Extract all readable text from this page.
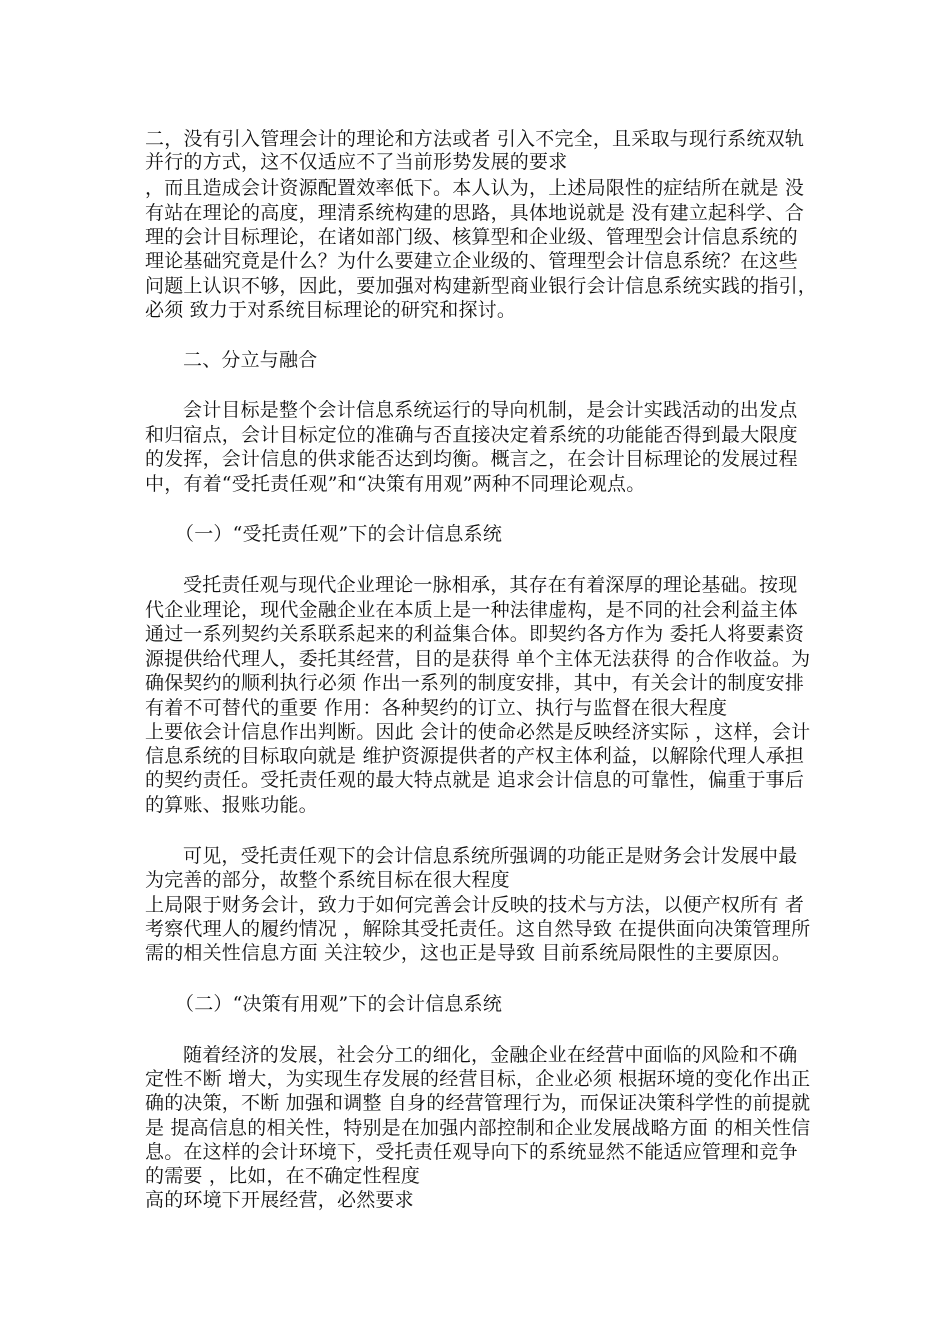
二，没有引入管理会计的理论和方法或者 引入不完全，且采取与现行系统双轨
并行的方式，这不仅适应不了当前形势发展的要求
，而且造成会计资源配置效率低下。本人认为，上述局限性的症结所在就是 没
有站在理论的高度，理清系统构建的思路，具体地说就是 没有建立起科学、合
理的会计目标理论，在诸如部门级、核算型和企业级、管理型会计信息系统的
理论基础究竟是什么？为什么要建立企业级的、管理型会计信息系统？在这些
问题上认识不够，因此，要加强对构建新型商业银行会计信息系统实践的指引，
必须 致力于对系统目标理论的研究和探讨。
二、分立与融合
会计目标是整个会计信息系统运行的导向机制，是会计实践活动的出发点
和归宿点，会计目标定位的准确与否直接决定着系统的功能能否得到最大限度
的发挥，会计信息的供求能否达到均衡。概言之，在会计目标理论的发展过程
中，有着“受托责任观”和“决策有用观”两种不同理论观点。
（一）“受托责任观”下的会计信息系统
受托责任观与现代企业理论一脉相承，其存在有着深厚的理论基础。按现
代企业理论，现代金融企业在本质上是一种法律虚构，是不同的社会利益主体
通过一系列契约关系联系起来的利益集合体。即契约各方作为 委托人将要素资
源提供给代理人，委托其经营，目的是获得 单个主体无法获得 的合作收益。为
确保契约的顺利执行必须 作出一系列的制度安排，其中，有关会计的制度安排
有着不可替代的重要 作用：各种契约的订立、执行与监督在很大程度
上要依会计信息作出判断。因此 会计的使命必然是反映经济实际 ，这样，会计
信息系统的目标取向就是 维护资源提供者的产权主体利益，以解除代理人承担
的契约责任。受托责任观的最大特点就是 追求会计信息的可靠性，偏重于事后
的算账、报账功能。
可见，受托责任观下的会计信息系统所强调的功能正是财务会计发展中最
为完善的部分，故整个系统目标在很大程度
上局限于财务会计，致力于如何完善会计反映的技术与方法，以便产权所有 者
考察代理人的履约情况 ，解除其受托责任。这自然导致 在提供面向决策管理所
需的相关性信息方面 关注较少，这也正是导致 目前系统局限性的主要原因。
（二）“决策有用观”下的会计信息系统
随着经济的发展，社会分工的细化，金融企业在经营中面临的风险和不确
定性不断 增大，为实现生存发展的经营目标，企业必须 根据环境的变化作出正
确的决策，不断 加强和调整 自身的经营管理行为，而保证决策科学性的前提就
是 提高信息的相关性，特别是在加强内部控制和企业发展战略方面 的相关性信
息。在这样的会计环境下，受托责任观导向下的系统显然不能适应管理和竞争
的需要 ，比如，在不确定性程度
高的环境下开展经营，必然要求
